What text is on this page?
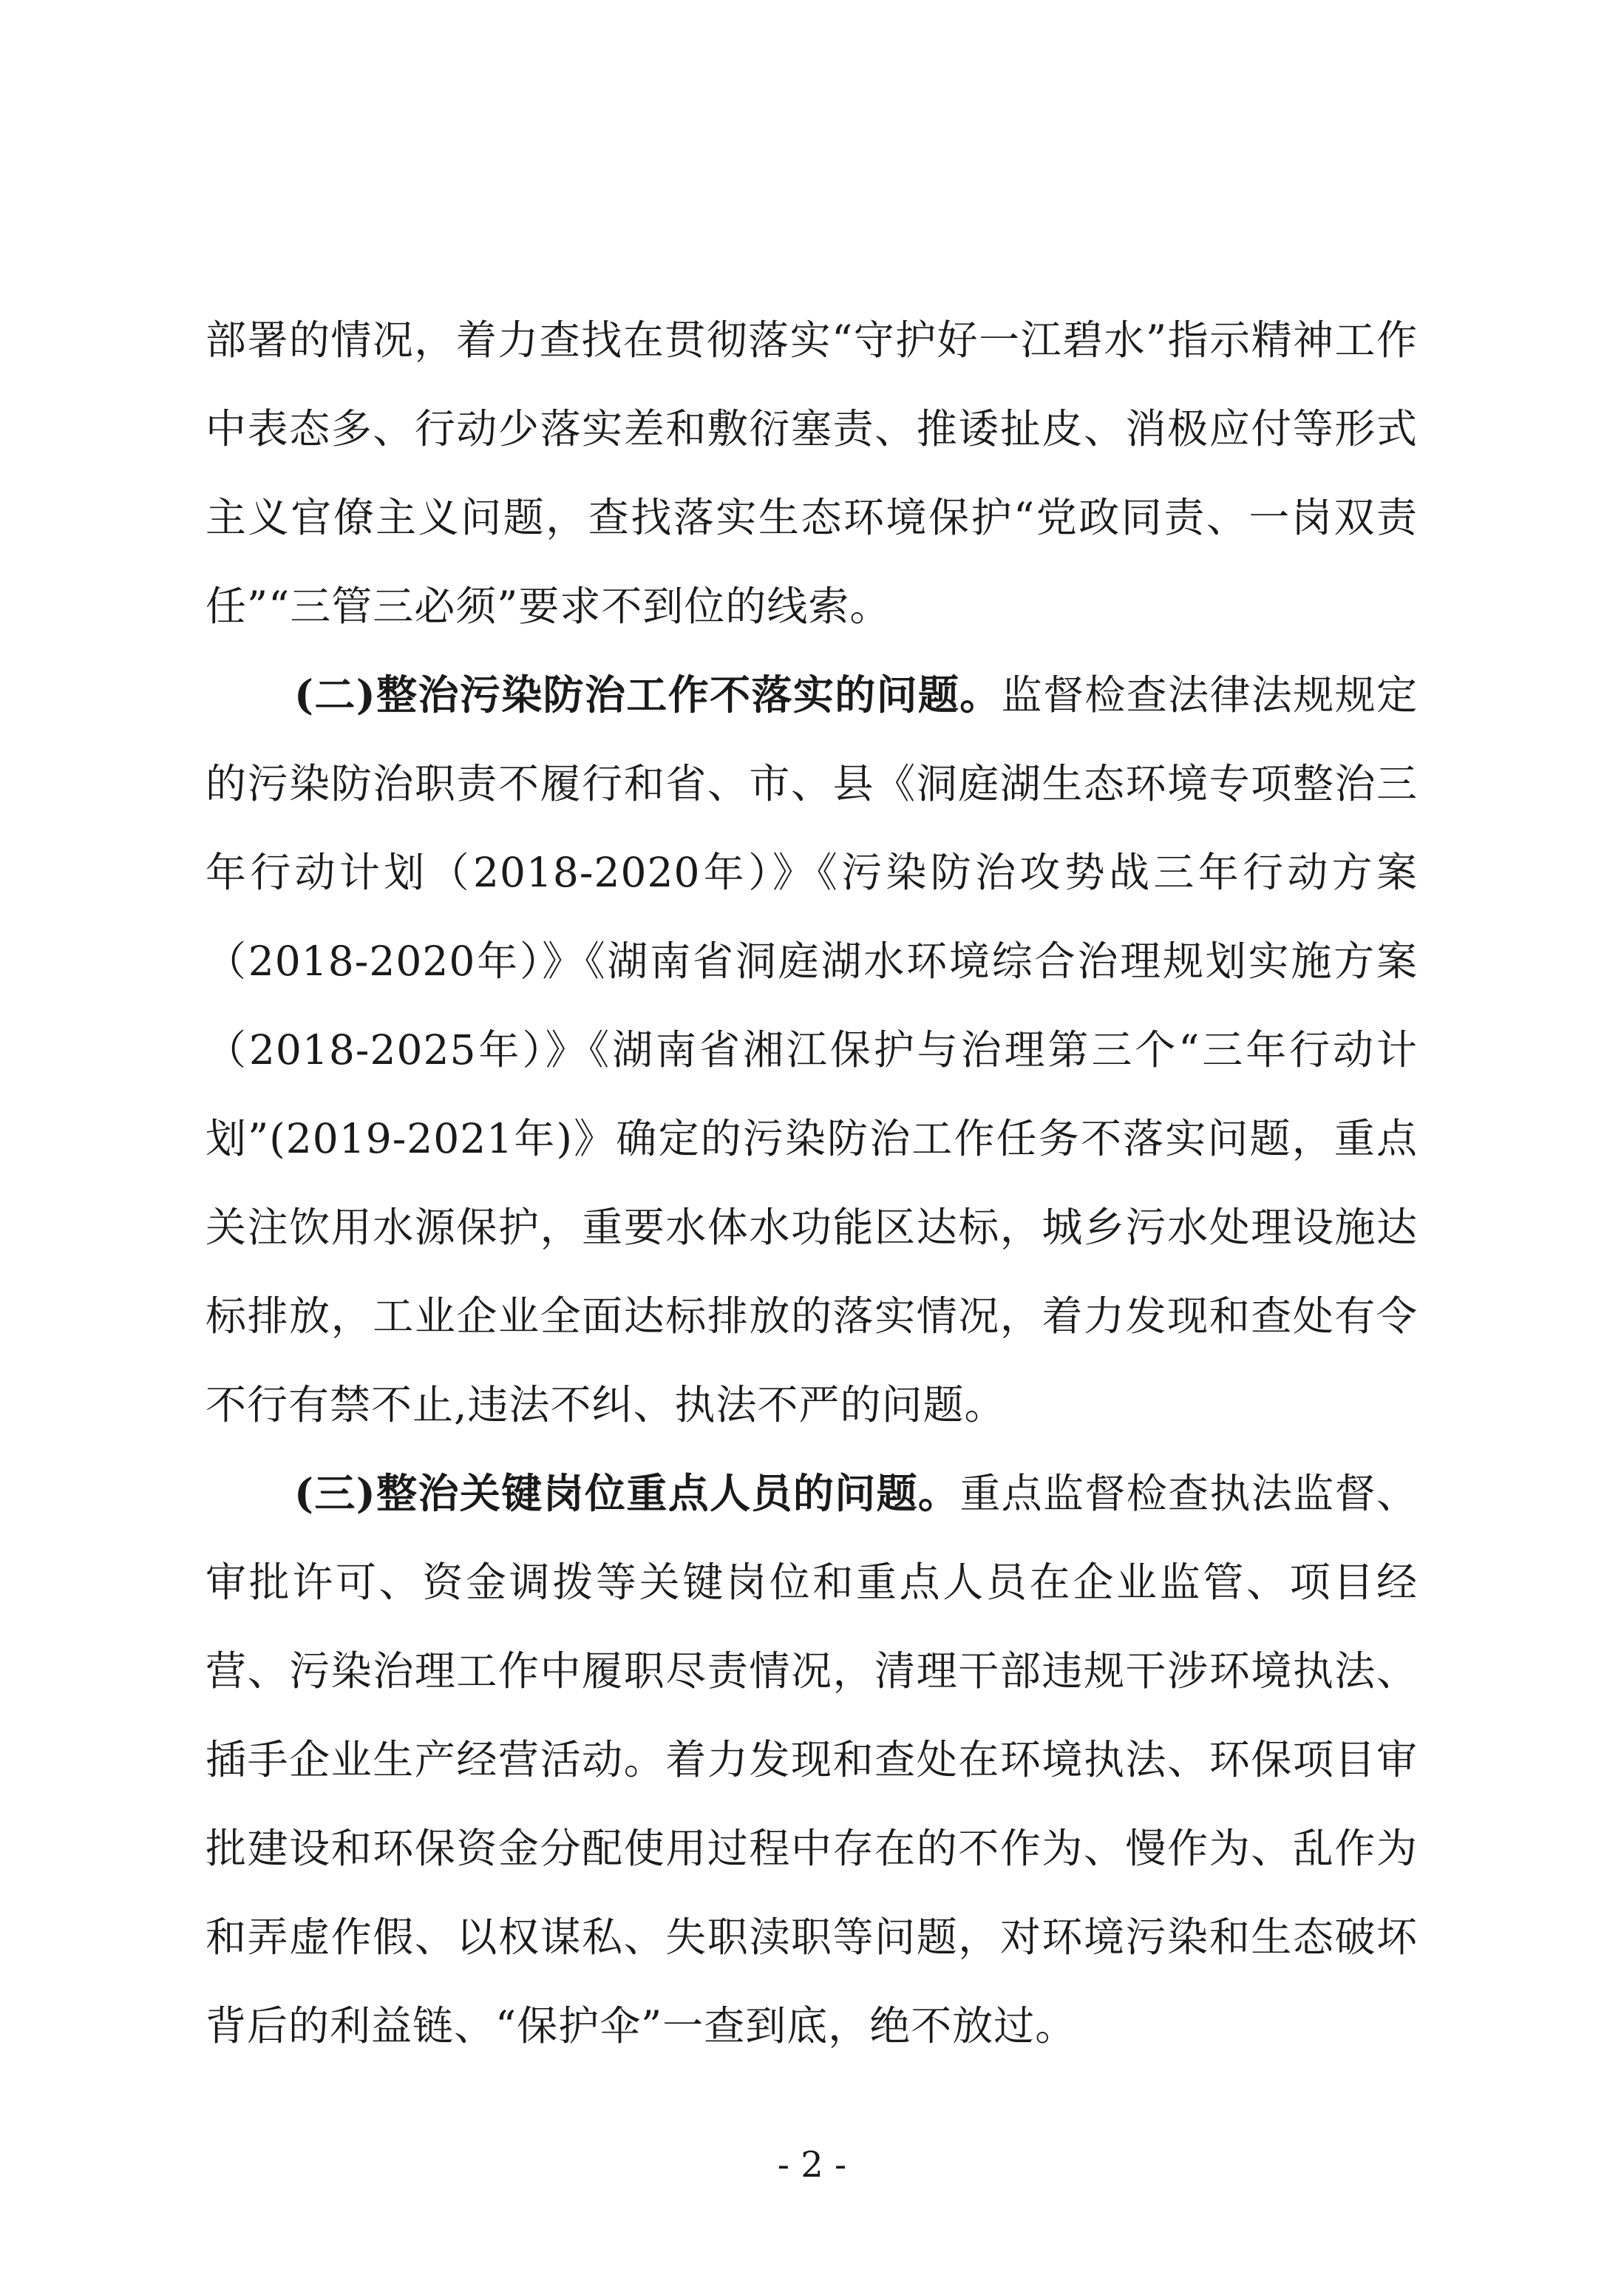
部署的情况，着力查找在贯彻落实“守护好一江碧水”指示精神工作中表态多、行动少落实差和敷衍塞责、推诿扯皮、消极应付等形式主义官僚主义问题，查找落实生态环境保护“党政同责、一岗双责任”“三管三必须”要求不到位的线索。

(二)整治污染防治工作不落实的问题。监督检查法律法规规定的污染防治职责不履行和省、市、县《洞庭湖生态环境专项整治三年行动计划（2018-2020年）》《污染防治攻势战三年行动方案（2018-2020年）》《湖南省洞庭湖水环境综合治理规划实施方案（2018-2025年）》《湖南省湘江保护与治理第三个“三年行动计划”(2019-2021年)》确定的污染防治工作任务不落实问题，重点关注饮用水源保护，重要水体水功能区达标，城乡污水处理设施达标排放，工业企业全面达标排放的落实情况，着力发现和查处有令不行有禁不止,违法不纠、执法不严的问题。

(三)整治关键岗位重点人员的问题。重点监督检查执法监督、审批许可、资金调拨等关键岗位和重点人员在企业监管、项目经营、污染治理工作中履职尽责情况，清理干部违规干涉环境执法、插手企业生产经营活动。着力发现和查处在环境执法、环保项目审批建设和环保资金分配使用过程中存在的不作为、慢作为、乱作为和弄虚作假、以权谋私、失职渎职等问题，对环境污染和生态破坏背后的利益链、“保护伞”一查到底，绝不放过。

- 2 -
